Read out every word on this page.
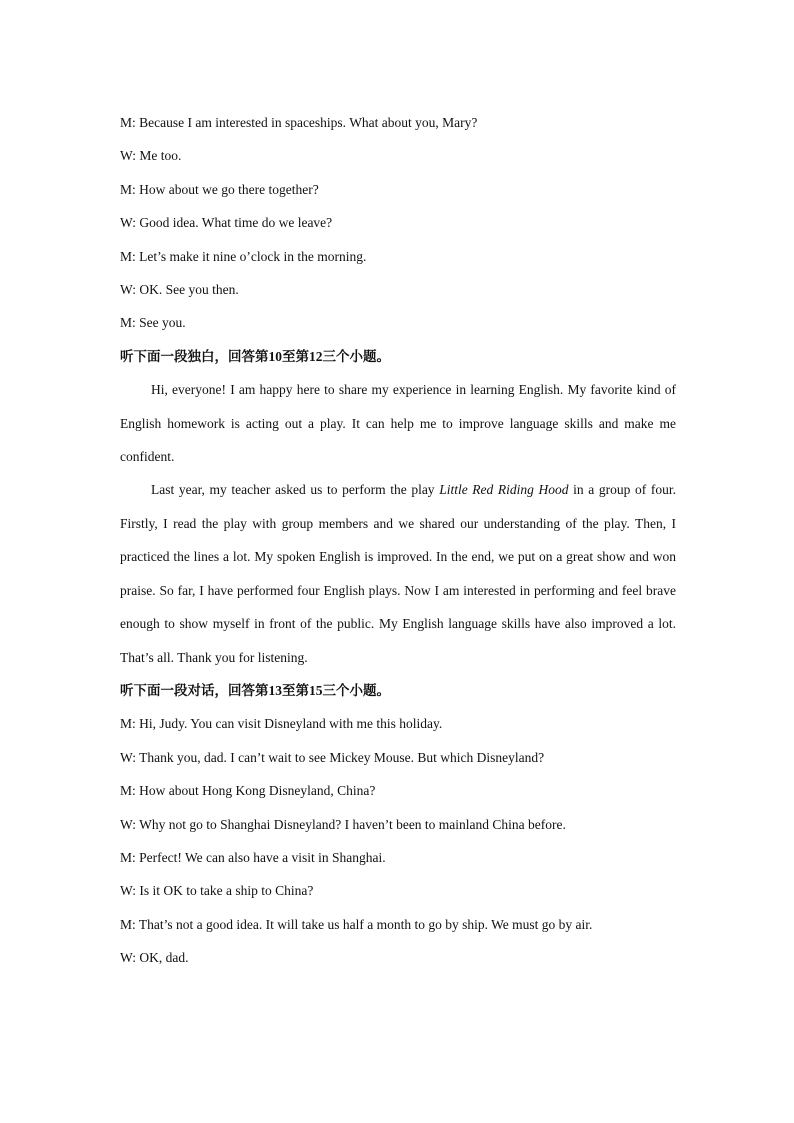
M: Because I am interested in spaceships. What about you, Mary?
W: Me too.
M: How about we go there together?
W: Good idea. What time do we leave?
M: Let’s make it nine o’clock in the morning.
W: OK. See you then.
M: See you.
听下面一段独白，回答第10至第12三个小题。
Hi, everyone! I am happy here to share my experience in learning English. My favorite kind of English homework is acting out a play. It can help me to improve language skills and make me confident.
Last year, my teacher asked us to perform the play Little Red Riding Hood in a group of four. Firstly, I read the play with group members and we shared our understanding of the play. Then, I practiced the lines a lot. My spoken English is improved. In the end, we put on a great show and won praise. So far, I have performed four English plays. Now I am interested in performing and feel brave enough to show myself in front of the public. My English language skills have also improved a lot. That’s all. Thank you for listening.
听下面一段对话，回答第13至第15三个小题。
M: Hi, Judy. You can visit Disneyland with me this holiday.
W: Thank you, dad. I can’t wait to see Mickey Mouse. But which Disneyland?
M: How about Hong Kong Disneyland, China?
W: Why not go to Shanghai Disneyland? I haven’t been to mainland China before.
M: Perfect! We can also have a visit in Shanghai.
W: Is it OK to take a ship to China?
M: That’s not a good idea. It will take us half a month to go by ship. We must go by air.
W: OK, dad.
